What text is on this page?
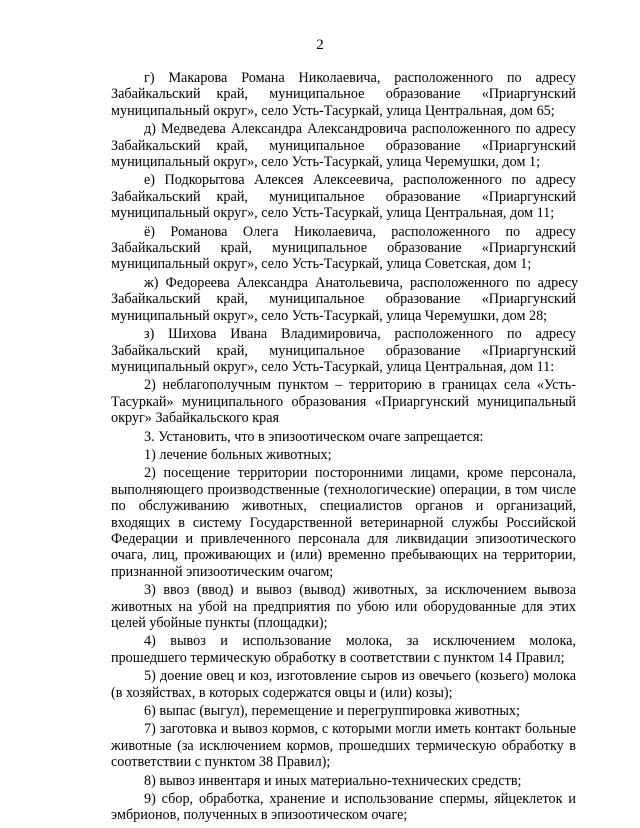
2

г)  Макарова  Романа  Николаевича,  расположенного  по  адресу Забайкальский   край,    муниципальное    образование    «Приаргунский муниципальный округ», село Усть-Тасуркай, улица Центральная, дом 65;

д) Медведева Александра Александровича расположенного по адресу Забайкальский   край,    муниципальное    образование    «Приаргунский муниципальный округ», село Усть-Тасуркай, улица Черемушки, дом 1;

е)  Подкорытова  Алексея  Алексеевича,  расположенного  по  адресу Забайкальский   край,    муниципальное    образование    «Приаргунский муниципальный округ», село Усть-Тасуркай, улица Центральная, дом 11;

ё) Романова Олега Николаевича, расположенного по адресу Забайкальский край, муниципальное образование «Приаргунский муниципальный округ», село Усть-Тасуркай, улица Советская, дом 1;

ж)  Федореева  Александра  Анатольевича,  расположенного  по  адресу Забайкальский   край,    муниципальное    образование    «Приаргунский муниципальный округ», село Усть-Тасуркай, улица Черемушки, дом 28;

з)   Шихова   Ивана   Владимировича,   расположенного   по   адресу Забайкальский   край,    муниципальное    образование    «Приаргунский муниципальный округ», село Усть-Тасуркай, улица Центральная, дом 11:

2) неблагополучным пунктом – территорию в границах села «Усть-Тасуркай» муниципального образования «Приаргунский муниципальный округ» Забайкальского края

3. Установить, что в эпизоотическом очаге запрещается:

1) лечение больных животных;

2) посещение территории посторонними лицами, кроме персонала, выполняющего производственные (технологические) операции, в том числе по обслуживанию животных, специалистов органов и организаций, входящих в систему Государственной ветеринарной службы Российской Федерации и привлеченного персонала для ликвидации эпизоотического очага, лиц, проживающих и (или) временно пребывающих на территории, признанной эпизоотическим очагом;

3) ввоз (ввод) и вывоз (вывод) животных, за исключением вывоза животных на убой на предприятия по убою или оборудованные для этих целей убойные пункты (площадки);

4) вывоз и использование молока, за исключением молока, прошедшего термическую обработку в соответствии с пунктом 14 Правил;

5) доение овец и коз, изготовление сыров из овечьего (козьего) молока (в хозяйствах, в которых содержатся овцы и (или) козы);

6) выпас (выгул), перемещение и перегруппировка животных;

7) заготовка и вывоз кормов, с которыми могли иметь контакт больные животные (за исключением кормов, прошедших термическую обработку в соответствии с пунктом 38 Правил);

8) вывоз инвентаря и иных материально-технических средств;

9) сбор, обработка, хранение и использование спермы, яйцеклеток и эмбрионов, полученных в эпизоотическом очаге;
